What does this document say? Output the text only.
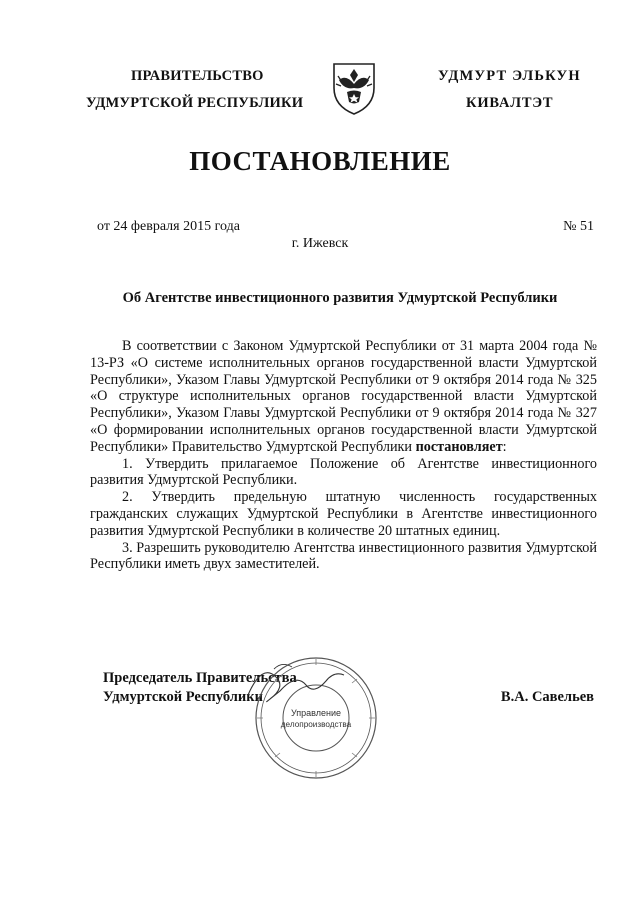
ПРАВИТЕЛЬСТВО
УДМУРТСКОЙ РЕСПУБЛИКИ
УДМУРТ ЭЛЬКУН
КИВАЛТЭТ
ПОСТАНОВЛЕНИЕ
от 24 февраля 2015 года	№ 51
г. Ижевск
Об Агентстве инвестиционного развития Удмуртской Республики

В соответствии с Законом Удмуртской Республики от 31 марта 2004 года № 13-РЗ «О системе исполнительных органов государственной власти Удмуртской Республики», Указом Главы Удмуртской Республики от 9 октября 2014 года № 325 «О структуре исполнительных органов государственной власти Удмуртской Республики», Указом Главы Удмуртской Республики от 9 октября 2014 года № 327 «О формировании исполнительных органов государственной власти Удмуртской Республики» Правительство Удмуртской Республики постановляет:

1. Утвердить прилагаемое Положение об Агентстве инвестиционного развития Удмуртской Республики.

2. Утвердить предельную штатную численность государственных гражданских служащих Удмуртской Республики в Агентстве инвестиционного развития Удмуртской Республики в количестве 20 штатных единиц.

3. Разрешить руководителю Агентства инвестиционного развития Удмуртской Республики иметь двух заместителей.

Председатель Правительства
Удмуртской Республики	В.А. Савельев
Управление
делопроизводства
